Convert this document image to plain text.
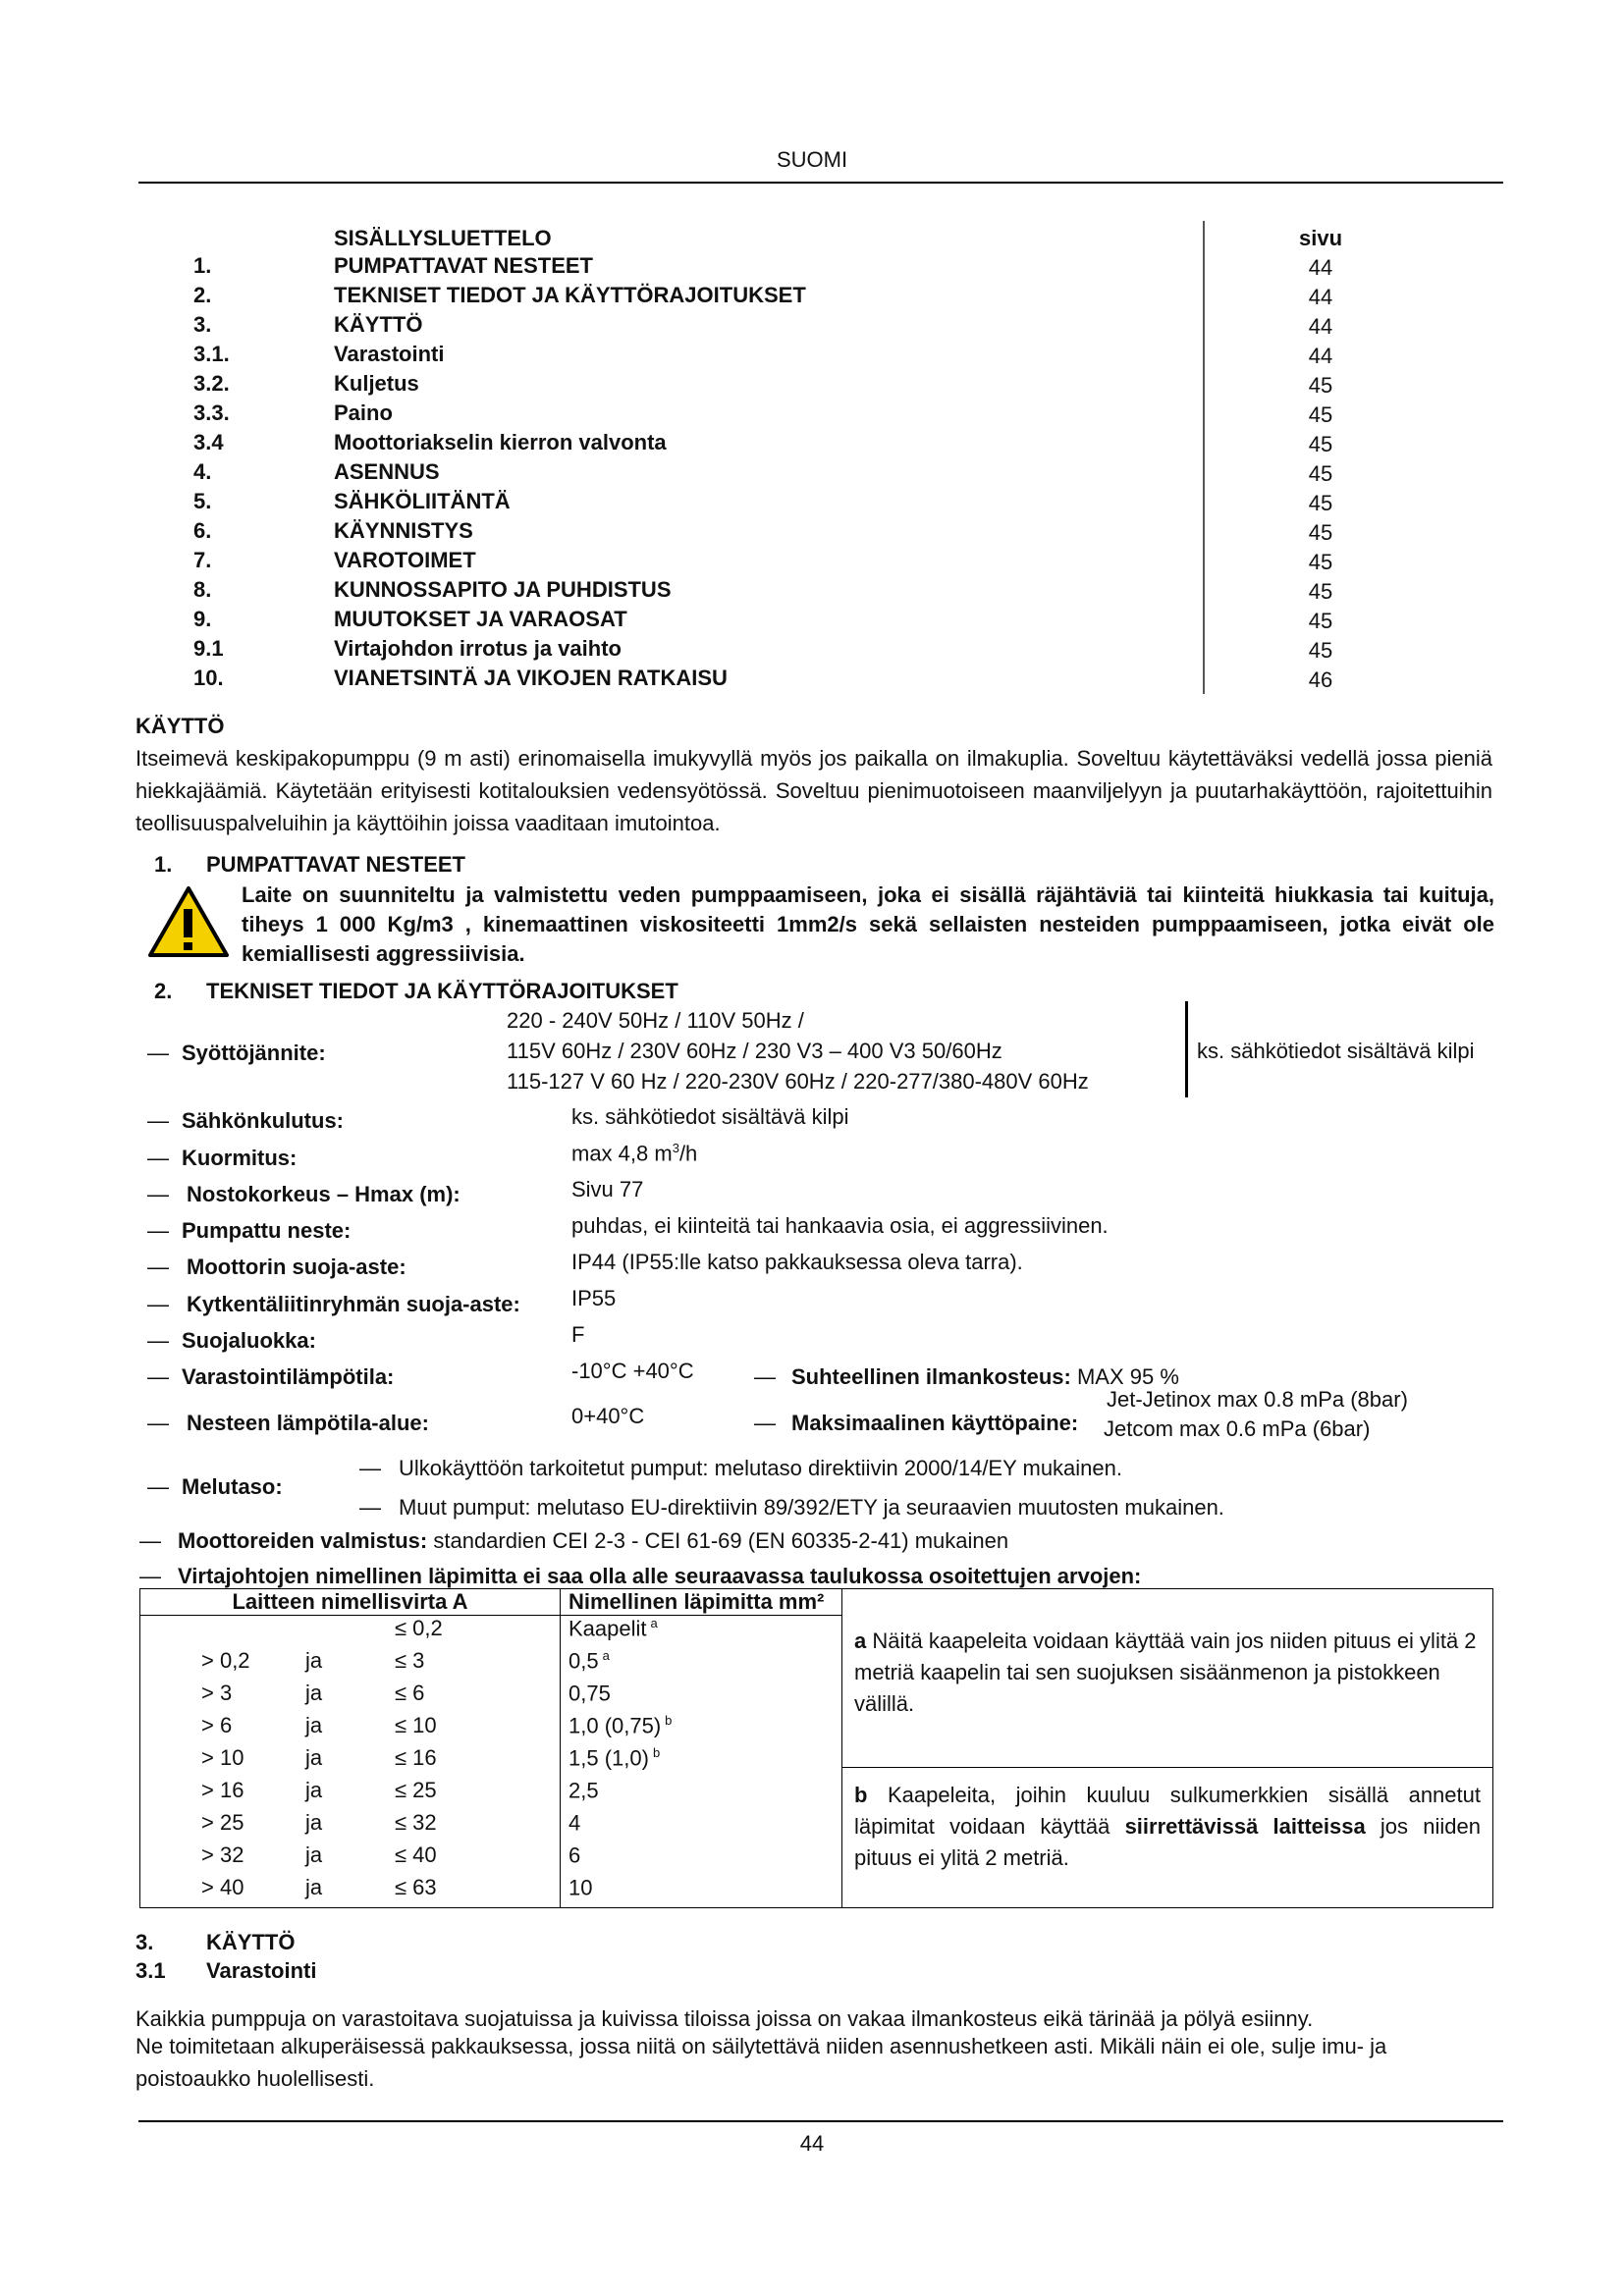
SUOMI
SISÄLLYSLUETTELO	sivu
1.	PUMPATTAVAT NESTEET	44
2.	TEKNISET TIEDOT JA KÄYTTÖRAJOITUKSET	44
3.	KÄYTTÖ	44
3.1.	Varastointi	44
3.2.	Kuljetus	45
3.3.	Paino	45
3.4	Moottoriakselin kierron valvonta	45
4.	ASENNUS	45
5.	SÄHKÖLIITÄNTÄ	45
6.	KÄYNNISTYS	45
7.	VAROTOIMET	45
8.	KUNNOSSAPITO JA PUHDISTUS	45
9.	MUUTOKSET JA VARAOSAT	45
9.1	Virtajohdon irrotus ja vaihto	45
10.	VIANETSINTÄ JA VIKOJEN RATKAISU	46
KÄYTTÖ
Itseimevä keskipakopumppu (9 m asti) erinomaisella imukyvyllä myös jos paikalla on ilmakuplia. Soveltuu käytettäväksi vedellä jossa pieniä hiekkajäämiä. Käytetään erityisesti kotitalouksien vedensyötössä. Soveltuu pienimuotoiseen maanviljelyyn ja puutarhakäyttöön, rajoitettuihin teollisuuspalveluihin ja käyttöihin joissa vaaditaan imutointoa.
1. PUMPATTAVAT NESTEET
Laite on suunniteltu ja valmistettu veden pumppaamiseen, joka ei sisällä räjähtäviä tai kiinteitä hiukkasia tai kuituja, tiheys 1 000 Kg/m3 , kinemaattinen viskositeetti 1mm2/s sekä sellaisten nesteiden pumppaamiseen, jotka eivät ole kemiallisesti aggressiivisia.
2. TEKNISET TIEDOT JA KÄYTTÖRAJOITUKSET
— Syöttöjännite:
220 - 240V 50Hz / 110V 50Hz /
115V 60Hz / 230V 60Hz / 230 V3 – 400 V3 50/60Hz
115-127 V 60 Hz / 220-230V 60Hz / 220-277/380-480V 60Hz
ks. sähkötiedot sisältävä kilpi
— Sähkönkulutus:	ks. sähkötiedot sisältävä kilpi
— Kuormitus:	max 4,8 $m^3/h$
— Nostokorkeus – Hmax (m):	Sivu 77
— Pumpattu neste:	puhdas, ei kiinteitä tai hankaavia osia, ei aggressiivinen.
— Moottorin suoja-aste:	IP44 (IP55:lle katso pakkauksessa oleva tarra).
— Kytkentäliitinryhmän suoja-aste: IP55
— Suojaluokka:	F
— Varastointilämpötila:	-10°C +40°C	— Suhteellinen ilmankosteus: MAX 95 %
— Nesteen lämpötila-alue:	0+40°C	— Maksimaalinen käyttöpaine:
Jet-Jetinox max 0.8 mPa (8bar)
Jetcom max 0.6 mPa (6bar)
— Melutaso:
— Ulkokäyttöön tarkoitetut pumput: melutaso direktiivin 2000/14/EY mukainen.
— Muut pumput: melutaso EU-direktiivin 89/392/ETY ja seuraavien muutosten mukainen.
— Moottoreiden valmistus: standardien CEI 2-3 - CEI 61-69 (EN 60335-2-41) mukainen
— Virtajohtojen nimellinen läpimitta ei saa olla alle seuraavassa taulukossa osoitettujen arvojen:
Laitteen nimellisvirta A			Nimellinen läpimitta mm²	
		≤ 0,2	Kaapelit $^a$	a Näitä kaapeleita voidaan käyttää vain jos niiden pituus ei ylitä 2 metriä kaapelin tai sen suojuksen sisäänmenon ja pistokkeen välillä.
b Kaapeleita, joihin kuuluu sulkumerkkien sisällä annetut läpimitat voidaan käyttää siirrettävissä laitteissa jos niiden pituus ei ylitä 2 metriä.

> 0,2	ja	≤ 3	0,5 $^a$
> 3	ja	≤ 6	0,75	
> 6	ja	≤ 10	1,0 (0,75) $^b$
> 10	ja	≤ 16	1,5 (1,0) $^b$
> 16	ja	≤ 25	2,5	
> 25	ja	≤ 32	4	
> 32	ja	≤ 40	6	
> 40	ja	≤ 63	10	
3. KÄYTTÖ
3.1 Varastointi
Kaikkia pumppuja on varastoitava suojatuissa ja kuivissa tiloissa joissa on vakaa ilmankosteus eikä tärinää ja pölyä esiinny.
Ne toimitetaan alkuperäisessä pakkauksessa, jossa niitä on säilytettävä niiden asennushetkeen asti. Mikäli näin ei ole, sulje imu- ja poistoaukko huolellisesti.
44
